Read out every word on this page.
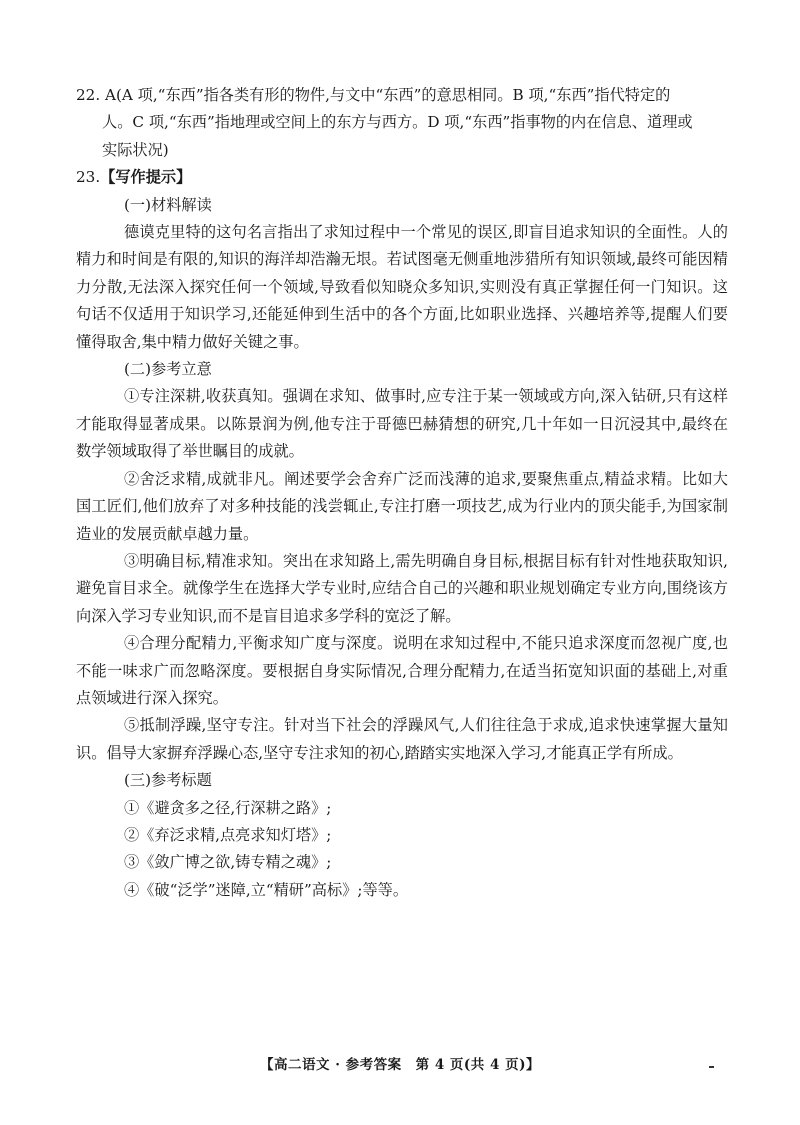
22. A(A 项,“东西”指各类有形的物件,与文中“东西”的意思相同。B 项,“东西”指代特定的

人。C 项,“东西”指地理或空间上的东方与西方。D 项,“东西”指事物的内在信息、道理或

实际状况)

23.【写作提示】

(一)材料解读

德谟克里特的这句名言指出了求知过程中一个常见的误区,即盲目追求知识的全面性。人的精力和时间是有限的,知识的海洋却浩瀚无垠。若试图毫无侧重地涉猎所有知识领域,最终可能因精力分散,无法深入探究任何一个领域,导致看似知晓众多知识,实则没有真正掌握任何一门知识。这句话不仅适用于知识学习,还能延伸到生活中的各个方面,比如职业选择、兴趣培养等,提醒人们要懂得取舍,集中精力做好关键之事。

(二)参考立意

①专注深耕,收获真知。强调在求知、做事时,应专注于某一领域或方向,深入钻研,只有这样才能取得显著成果。以陈景润为例,他专注于哥德巴赫猜想的研究,几十年如一日沉浸其中,最终在数学领域取得了举世瞩目的成就。

②舍泛求精,成就非凡。阐述要学会舍弃广泛而浅薄的追求,要聚焦重点,精益求精。比如大国工匠们,他们放弃了对多种技能的浅尝辄止,专注打磨一项技艺,成为行业内的顶尖能手,为国家制造业的发展贡献卓越力量。

③明确目标,精准求知。突出在求知路上,需先明确自身目标,根据目标有针对性地获取知识,避免盲目求全。就像学生在选择大学专业时,应结合自己的兴趣和职业规划确定专业方向,围绕该方向深入学习专业知识,而不是盲目追求多学科的宽泛了解。

④合理分配精力,平衡求知广度与深度。说明在求知过程中,不能只追求深度而忽视广度,也不能一味求广而忽略深度。要根据自身实际情况,合理分配精力,在适当拓宽知识面的基础上,对重点领域进行深入探究。

⑤抵制浮躁,坚守专注。针对当下社会的浮躁风气,人们往往急于求成,追求快速掌握大量知识。倡导大家摒弃浮躁心态,坚守专注求知的初心,踏踏实实地深入学习,才能真正学有所成。

(三)参考标题

①《避贪多之径,行深耕之路》;

②《弃泛求精,点亮求知灯塔》;

③《敛广博之欲,铸专精之魂》;

④《破“泛学”迷障,立“精研”高标》;等等。

【高二语文 · 参考答案　第 4 页(共 4 页)】
